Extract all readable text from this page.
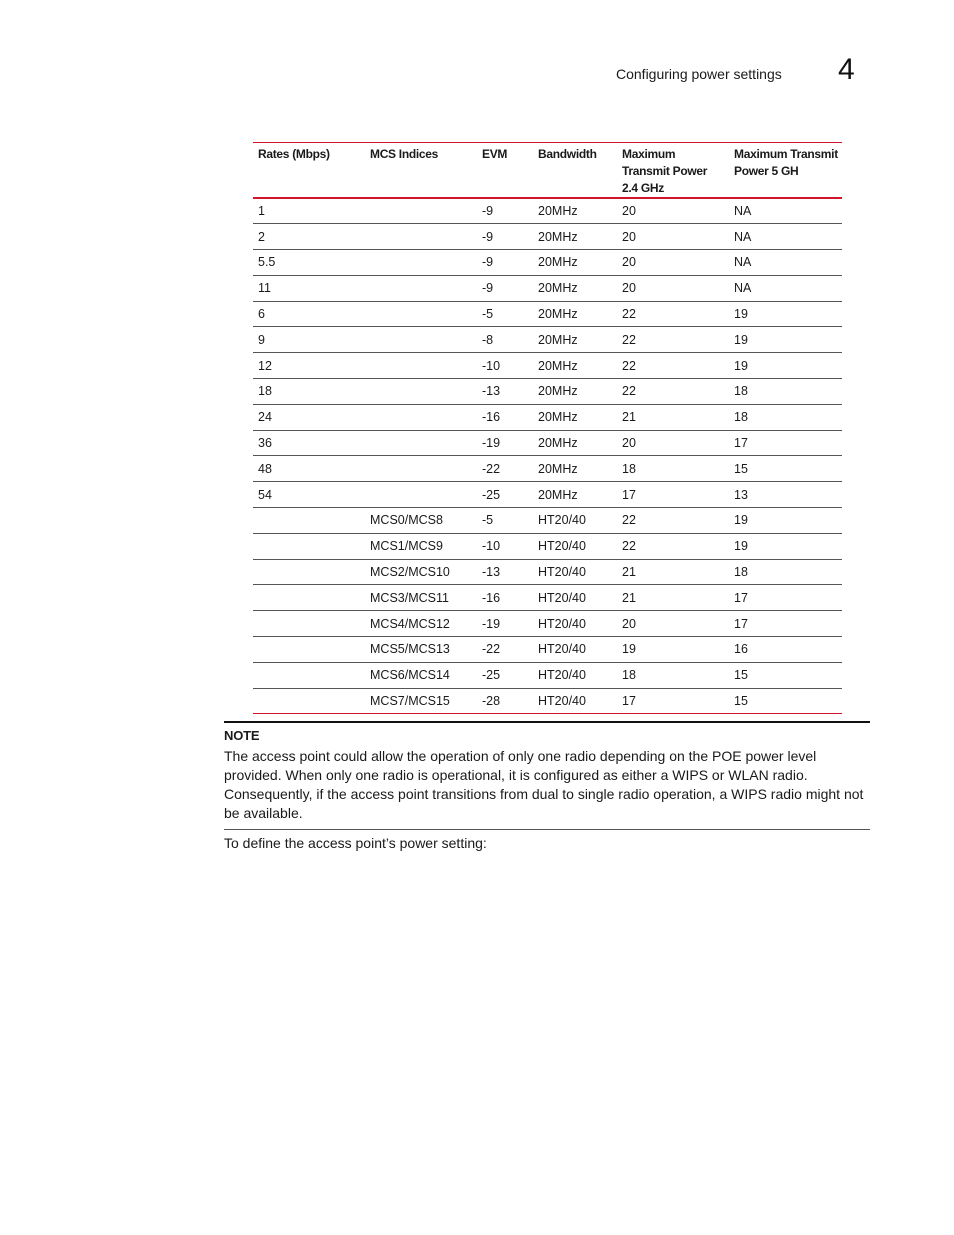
Configuring power settings 4
Rates (Mbps)	MCS Indices	EVM	Bandwidth	Maximum Transmit Power 2.4 GHz	Maximum Transmit Power 5 GH
1		-9	20MHz	20	NA
2		-9	20MHz	20	NA
5.5		-9	20MHz	20	NA
11		-9	20MHz	20	NA
6		-5	20MHz	22	19
9		-8	20MHz	22	19
12		-10	20MHz	22	19
18		-13	20MHz	22	18
24		-16	20MHz	21	18
36		-19	20MHz	20	17
48		-22	20MHz	18	15
54		-25	20MHz	17	13
	MCS0/MCS8	-5	HT20/40	22	19
	MCS1/MCS9	-10	HT20/40	22	19
	MCS2/MCS10	-13	HT20/40	21	18
	MCS3/MCS11	-16	HT20/40	21	17
	MCS4/MCS12	-19	HT20/40	20	17
	MCS5/MCS13	-22	HT20/40	19	16
	MCS6/MCS14	-25	HT20/40	18	15
	MCS7/MCS15	-28	HT20/40	17	15
NOTE
The access point could allow the operation of only one radio depending on the POE power level provided. When only one radio is operational, it is configured as either a WIPS or WLAN radio. Consequently, if the access point transitions from dual to single radio operation, a WIPS radio might not be available.
To define the access point’s power setting:
